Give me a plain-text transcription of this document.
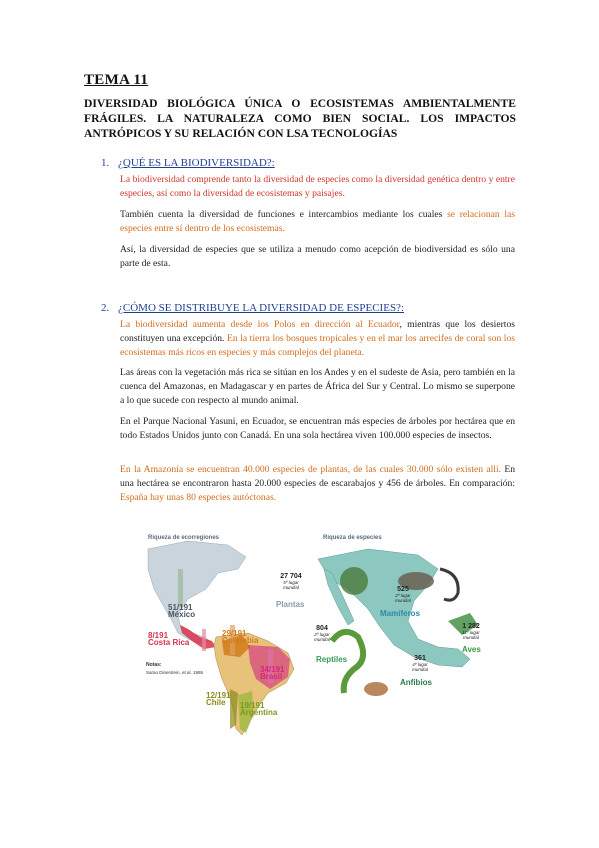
TEMA 11
DIVERSIDAD BIOLÓGICA ÚNICA O ECOSISTEMAS AMBIENTALMENTE FRÁGILES. LA NATURALEZA COMO BIEN SOCIAL. LOS IMPACTOS ANTRÓPICOS Y SU RELACIÓN CON LSA TECNOLOGÍAS
1. ¿QUÉ ES LA BIODIVERSIDAD?:
La biodiversidad comprende tanto la diversidad de especies como la diversidad genética dentro y entre especies, así como la diversidad de ecosistemas y paisajes.
También cuenta la diversidad de funciones e intercambios mediante los cuales se relacionan las especies entre sí dentro de los ecosistemas.
Así, la diversidad de especies que se utiliza a menudo como acepción de biodiversidad es sólo una parte de esta.
2. ¿CÓMO SE DISTRIBUYE LA DIVERSIDAD DE ESPECIES?:
La biodiversidad aumenta desde los Polos en dirección al Ecuador, mientras que los desiertos constituyen una excepción. En la tierra los bosques tropicales y en el mar los arrecifes de coral son los ecosistemas más ricos en especies y más complejos del planeta.
Las áreas con la vegetación más rica se sitúan en los Andes y en el sudeste de Asia, pero también en la cuenca del Amazonas, en Madagascar y en partes de África del Sur y Central. Lo mismo se superpone a lo que sucede con respecto al mundo animal.
En el Parque Nacional Yasuni, en Ecuador, se encuentran más especies de árboles por hectárea que en todo Estados Unidos junto con Canadá. En una sola hectárea viven 100.000 especies de insectos.
En la Amazonía se encuentran 40.000 especies de plantas, de las cuales 30.000 sólo existen allí. En una hectárea se encontraron hasta 20.000 especies de escarabajos y 456 de árboles. En comparación: España hay unas 80 especies autóctonas.
Riqueza de ecorregiones	Riqueza de especies
51/191
México
8/191
Costa Rica
29/191
Colombia
34/191
Brasil
12/191
Chile	19/191
Argentina
Notas:
Sarao Dinerstein, et al. 1995
27 704
5º lugar mundial
Plantas
525
2º lugar mundial
Mamíferos
804
2º lugar mundial
Reptiles
1 282
11º lugar mundial
Aves
361
4º lugar mundial
Anfibios
